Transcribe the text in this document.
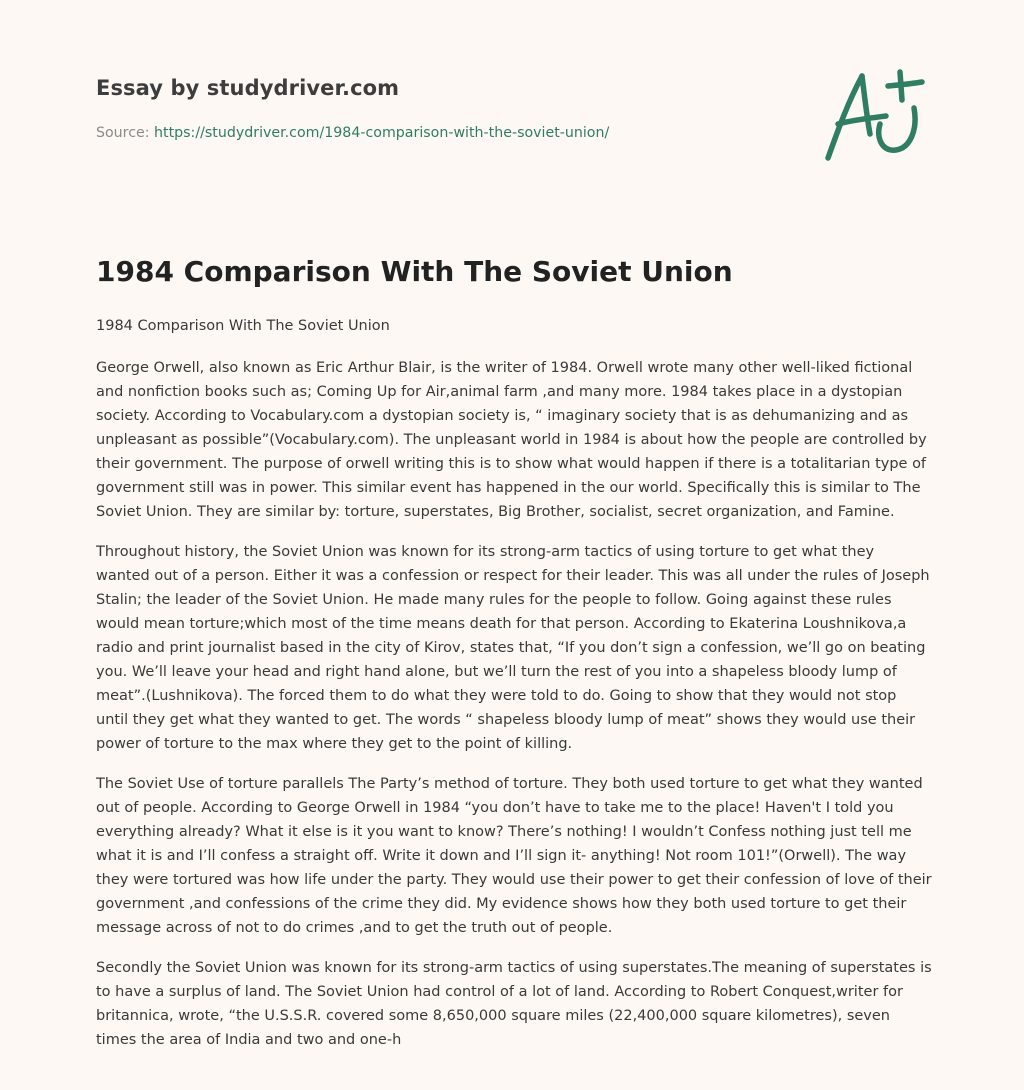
Essay by studydriver.com
Source: https://studydriver.com/1984-comparison-with-the-soviet-union/
1984 Comparison With The Soviet Union

1984 Comparison With The Soviet Union

George Orwell, also known as Eric Arthur Blair, is the writer of 1984. Orwell wrote many other well-liked fictional and nonfiction books such as; Coming Up for Air,animal farm ,and many more. 1984 takes place in a dystopian society. According to Vocabulary.com a dystopian society is, “ imaginary society that is as dehumanizing and as unpleasant as possible”(Vocabulary.com). The unpleasant world in 1984 is about how the people are controlled by their government. The purpose of orwell writing this is to show what would happen if there is a totalitarian type of government still was in power. This similar event has happened in the our world. Specifically this is similar to The Soviet Union. They are similar by: torture, superstates, Big Brother, socialist, secret organization, and Famine.

Throughout history, the Soviet Union was known for its strong-arm tactics of using torture to get what they wanted out of a person. Either it was a confession or respect for their leader. This was all under the rules of Joseph Stalin; the leader of the Soviet Union. He made many rules for the people to follow. Going against these rules would mean torture;which most of the time means death for that person. According to Ekaterina Loushnikova,a radio and print journalist based in the city of Kirov, states that, “If you don’t sign a confession, we’ll go on beating you. We’ll leave your head and right hand alone, but we’ll turn the rest of you into a shapeless bloody lump of meat”.(Lushnikova). The forced them to do what they were told to do. Going to show that they would not stop until they get what they wanted to get. The words “ shapeless bloody lump of meat” shows they would use their power of torture to the max where they get to the point of killing.

The Soviet Use of torture parallels The Party’s method of torture. They both used torture to get what they wanted out of people. According to George Orwell in 1984 “you don’t have to take me to the place! Haven't I told you everything already? What it else is it you want to know? There’s nothing! I wouldn’t Confess nothing just tell me what it is and I’ll confess a straight off. Write it down and I’ll sign it- anything! Not room 101!”(Orwell). The way they were tortured was how life under the party. They would use their power to get their confession of love of their government ,and confessions of the crime they did. My evidence shows how they both used torture to get their message across of not to do crimes ,and to get the truth out of people.

Secondly the Soviet Union was known for its strong-arm tactics of using superstates.The meaning of superstates is to have a surplus of land. The Soviet Union had control of a lot of land. According to Robert Conquest,writer for britannica, wrote, “the U.S.S.R. covered some 8,650,000 square miles (22,400,000 square kilometres), seven times the area of India and two and one-h
